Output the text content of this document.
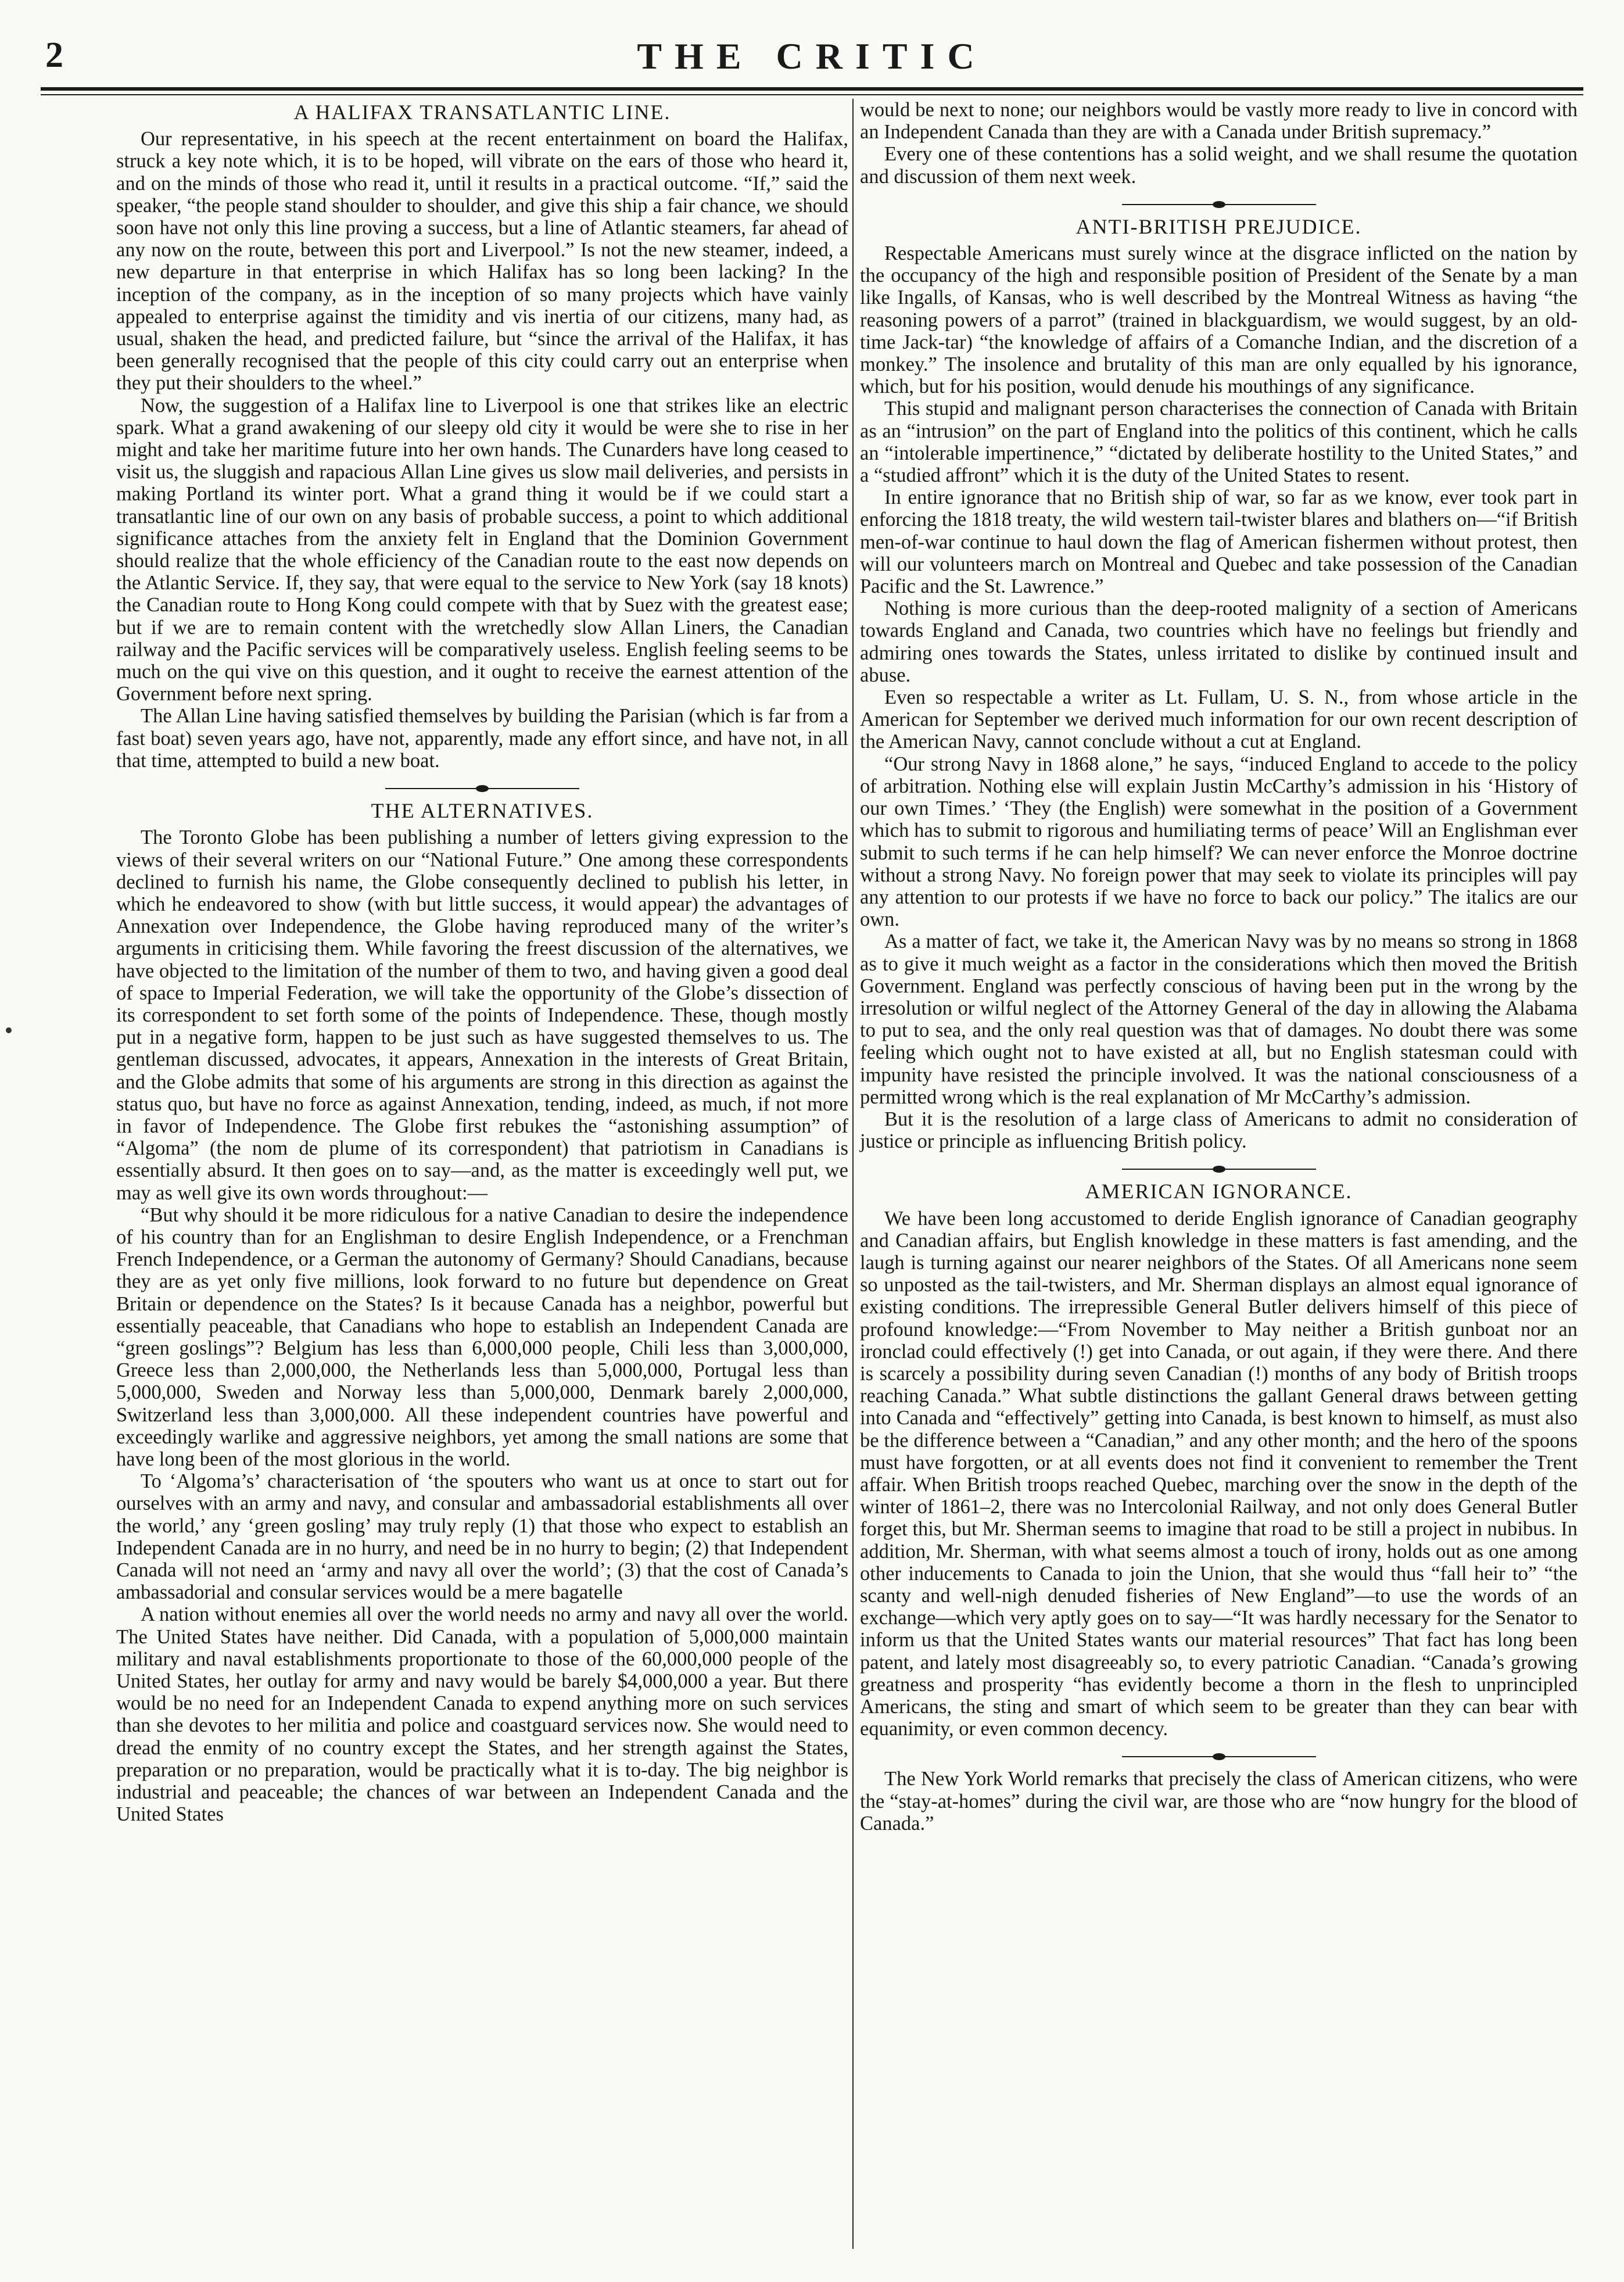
2	THE CRITIC
A HALIFAX TRANSATLANTIC LINE.

Our representative, in his speech at the recent entertainment on board the Halifax, struck a key note which, it is to be hoped, will vibrate on the ears of those who heard it, and on the minds of those who read it, until it results in a practical outcome. “If,” said the speaker, “the people stand shoulder to shoulder, and give this ship a fair chance, we should soon have not only this line proving a success, but a line of Atlantic steamers, far ahead of any now on the route, between this port and Liverpool.” Is not the new steamer, indeed, a new departure in that enterprise in which Halifax has so long been lacking? In the inception of the company, as in the inception of so many projects which have vainly appealed to enterprise against the timidity and vis inertia of our citizens, many had, as usual, shaken the head, and predicted failure, but “since the arrival of the Halifax, it has been generally recognised that the people of this city could carry out an enterprise when they put their shoulders to the wheel.”

Now, the suggestion of a Halifax line to Liverpool is one that strikes like an electric spark. What a grand awakening of our sleepy old city it would be were she to rise in her might and take her maritime future into her own hands. The Cunarders have long ceased to visit us, the sluggish and rapacious Allan Line gives us slow mail deliveries, and persists in making Portland its winter port. What a grand thing it would be if we could start a transatlantic line of our own on any basis of probable success, a point to which additional significance attaches from the anxiety felt in England that the Dominion Government should realize that the whole efficiency of the Canadian route to the east now depends on the Atlantic Service. If, they say, that were equal to the service to New York (say 18 knots) the Canadian route to Hong Kong could compete with that by Suez with the greatest ease; but if we are to remain content with the wretchedly slow Allan Liners, the Canadian railway and the Pacific services will be comparatively useless. English feeling seems to be much on the qui vive on this question, and it ought to receive the earnest attention of the Government before next spring.

The Allan Line having satisfied themselves by building the Parisian (which is far from a fast boat) seven years ago, have not, apparently, made any effort since, and have not, in all that time, attempted to build a new boat.

THE ALTERNATIVES.

The Toronto Globe has been publishing a number of letters giving expression to the views of their several writers on our “National Future.” One among these correspondents declined to furnish his name, the Globe consequently declined to publish his letter, in which he endeavored to show (with but little success, it would appear) the advantages of Annexation over Independence, the Globe having reproduced many of the writer’s arguments in criticising them. While favoring the freest discussion of the alternatives, we have objected to the limitation of the number of them to two, and having given a good deal of space to Imperial Federation, we will take the opportunity of the Globe’s dissection of its correspondent to set forth some of the points of Independence. These, though mostly put in a negative form, happen to be just such as have suggested themselves to us. The gentleman discussed, advocates, it appears, Annexation in the interests of Great Britain, and the Globe admits that some of his arguments are strong in this direction as against the status quo, but have no force as against Annexation, tending, indeed, as much, if not more in favor of Independence. The Globe first rebukes the “astonishing assumption” of “Algoma” (the nom de plume of its correspondent) that patriotism in Canadians is essentially absurd. It then goes on to say—and, as the matter is exceedingly well put, we may as well give its own words throughout:—

“But why should it be more ridiculous for a native Canadian to desire the independence of his country than for an Englishman to desire English Independence, or a Frenchman French Independence, or a German the autonomy of Germany? Should Canadians, because they are as yet only five millions, look forward to no future but dependence on Great Britain or dependence on the States? Is it because Canada has a neighbor, powerful but essentially peaceable, that Canadians who hope to establish an Independent Canada are “green goslings”? Belgium has less than 6,000,000 people, Chili less than 3,000,000, Greece less than 2,000,000, the Netherlands less than 5,000,000, Portugal less than 5,000,000, Sweden and Norway less than 5,000,000, Denmark barely 2,000,000, Switzerland less than 3,000,000. All these independent countries have powerful and exceedingly warlike and aggressive neighbors, yet among the small nations are some that have long been of the most glorious in the world.

To ‘Algoma’s’ characterisation of ‘the spouters who want us at once to start out for ourselves with an army and navy, and consular and ambassadorial establishments all over the world,’ any ‘green gosling’ may truly reply (1) that those who expect to establish an Independent Canada are in no hurry, and need be in no hurry to begin; (2) that Independent Canada will not need an ‘army and navy all over the world’; (3) that the cost of Canada’s ambassadorial and consular services would be a mere bagatelle

A nation without enemies all over the world needs no army and navy all over the world. The United States have neither. Did Canada, with a population of 5,000,000 maintain military and naval establishments proportionate to those of the 60,000,000 people of the United States, her outlay for army and navy would be barely $4,000,000 a year. But there would be no need for an Independent Canada to expend anything more on such services than she devotes to her militia and police and coastguard services now. She would need to dread the enmity of no country except the States, and her strength against the States, preparation or no preparation, would be practically what it is to-day. The big neighbor is industrial and peaceable; the chances of war between an Independent Canada and the United States

would be next to none; our neighbors would be vastly more ready to live in concord with an Independent Canada than they are with a Canada under British supremacy.”

Every one of these contentions has a solid weight, and we shall resume the quotation and discussion of them next week.

ANTI-BRITISH PREJUDICE.

Respectable Americans must surely wince at the disgrace inflicted on the nation by the occupancy of the high and responsible position of President of the Senate by a man like Ingalls, of Kansas, who is well described by the Montreal Witness as having “the reasoning powers of a parrot” (trained in blackguardism, we would suggest, by an old-time Jack-tar) “the knowledge of affairs of a Comanche Indian, and the discretion of a monkey.” The insolence and brutality of this man are only equalled by his ignorance, which, but for his position, would denude his mouthings of any significance.

This stupid and malignant person characterises the connection of Canada with Britain as an “intrusion” on the part of England into the politics of this continent, which he calls an “intolerable impertinence,” “dictated by deliberate hostility to the United States,” and a “studied affront” which it is the duty of the United States to resent.

In entire ignorance that no British ship of war, so far as we know, ever took part in enforcing the 1818 treaty, the wild western tail-twister blares and blathers on—“if British men-of-war continue to haul down the flag of American fishermen without protest, then will our volunteers march on Montreal and Quebec and take possession of the Canadian Pacific and the St. Lawrence.”

Nothing is more curious than the deep-rooted malignity of a section of Americans towards England and Canada, two countries which have no feelings but friendly and admiring ones towards the States, unless irritated to dislike by continued insult and abuse.

Even so respectable a writer as Lt. Fullam, U. S. N., from whose article in the American for September we derived much information for our own recent description of the American Navy, cannot conclude without a cut at England.

“Our strong Navy in 1868 alone,” he says, “induced England to accede to the policy of arbitration. Nothing else will explain Justin McCarthy’s admission in his ‘History of our own Times.’ ‘They (the English) were somewhat in the position of a Government which has to submit to rigorous and humiliating terms of peace’ Will an Englishman ever submit to such terms if he can help himself? We can never enforce the Monroe doctrine without a strong Navy. No foreign power that may seek to violate its principles will pay any attention to our protests if we have no force to back our policy.” The italics are our own.

As a matter of fact, we take it, the American Navy was by no means so strong in 1868 as to give it much weight as a factor in the considerations which then moved the British Government. England was perfectly conscious of having been put in the wrong by the irresolution or wilful neglect of the Attorney General of the day in allowing the Alabama to put to sea, and the only real question was that of damages. No doubt there was some feeling which ought not to have existed at all, but no English statesman could with impunity have resisted the principle involved. It was the national consciousness of a permitted wrong which is the real explanation of Mr McCarthy’s admission.

But it is the resolution of a large class of Americans to admit no consideration of justice or principle as influencing British policy.

AMERICAN IGNORANCE.

We have been long accustomed to deride English ignorance of Canadian geography and Canadian affairs, but English knowledge in these matters is fast amending, and the laugh is turning against our nearer neighbors of the States. Of all Americans none seem so unposted as the tail-twisters, and Mr. Sherman displays an almost equal ignorance of existing conditions. The irrepressible General Butler delivers himself of this piece of profound knowledge:—“From November to May neither a British gunboat nor an ironclad could effectively (!) get into Canada, or out again, if they were there. And there is scarcely a possibility during seven Canadian (!) months of any body of British troops reaching Canada.” What subtle distinctions the gallant General draws between getting into Canada and “effectively” getting into Canada, is best known to himself, as must also be the difference between a “Canadian,” and any other month; and the hero of the spoons must have forgotten, or at all events does not find it convenient to remember the Trent affair. When British troops reached Quebec, marching over the snow in the depth of the winter of 1861–2, there was no Intercolonial Railway, and not only does General Butler forget this, but Mr. Sherman seems to imagine that road to be still a project in nubibus. In addition, Mr. Sherman, with what seems almost a touch of irony, holds out as one among other inducements to Canada to join the Union, that she would thus “fall heir to” “the scanty and well-nigh denuded fisheries of New England”—to use the words of an exchange—which very aptly goes on to say—“It was hardly necessary for the Senator to inform us that the United States wants our material resources” That fact has long been patent, and lately most disagreeably so, to every patriotic Canadian. “Canada’s growing greatness and prosperity “has evidently become a thorn in the flesh to unprincipled Americans, the sting and smart of which seem to be greater than they can bear with equanimity, or even common decency.

The New York World remarks that precisely the class of American citizens, who were the “stay-at-homes” during the civil war, are those who are “now hungry for the blood of Canada.”
